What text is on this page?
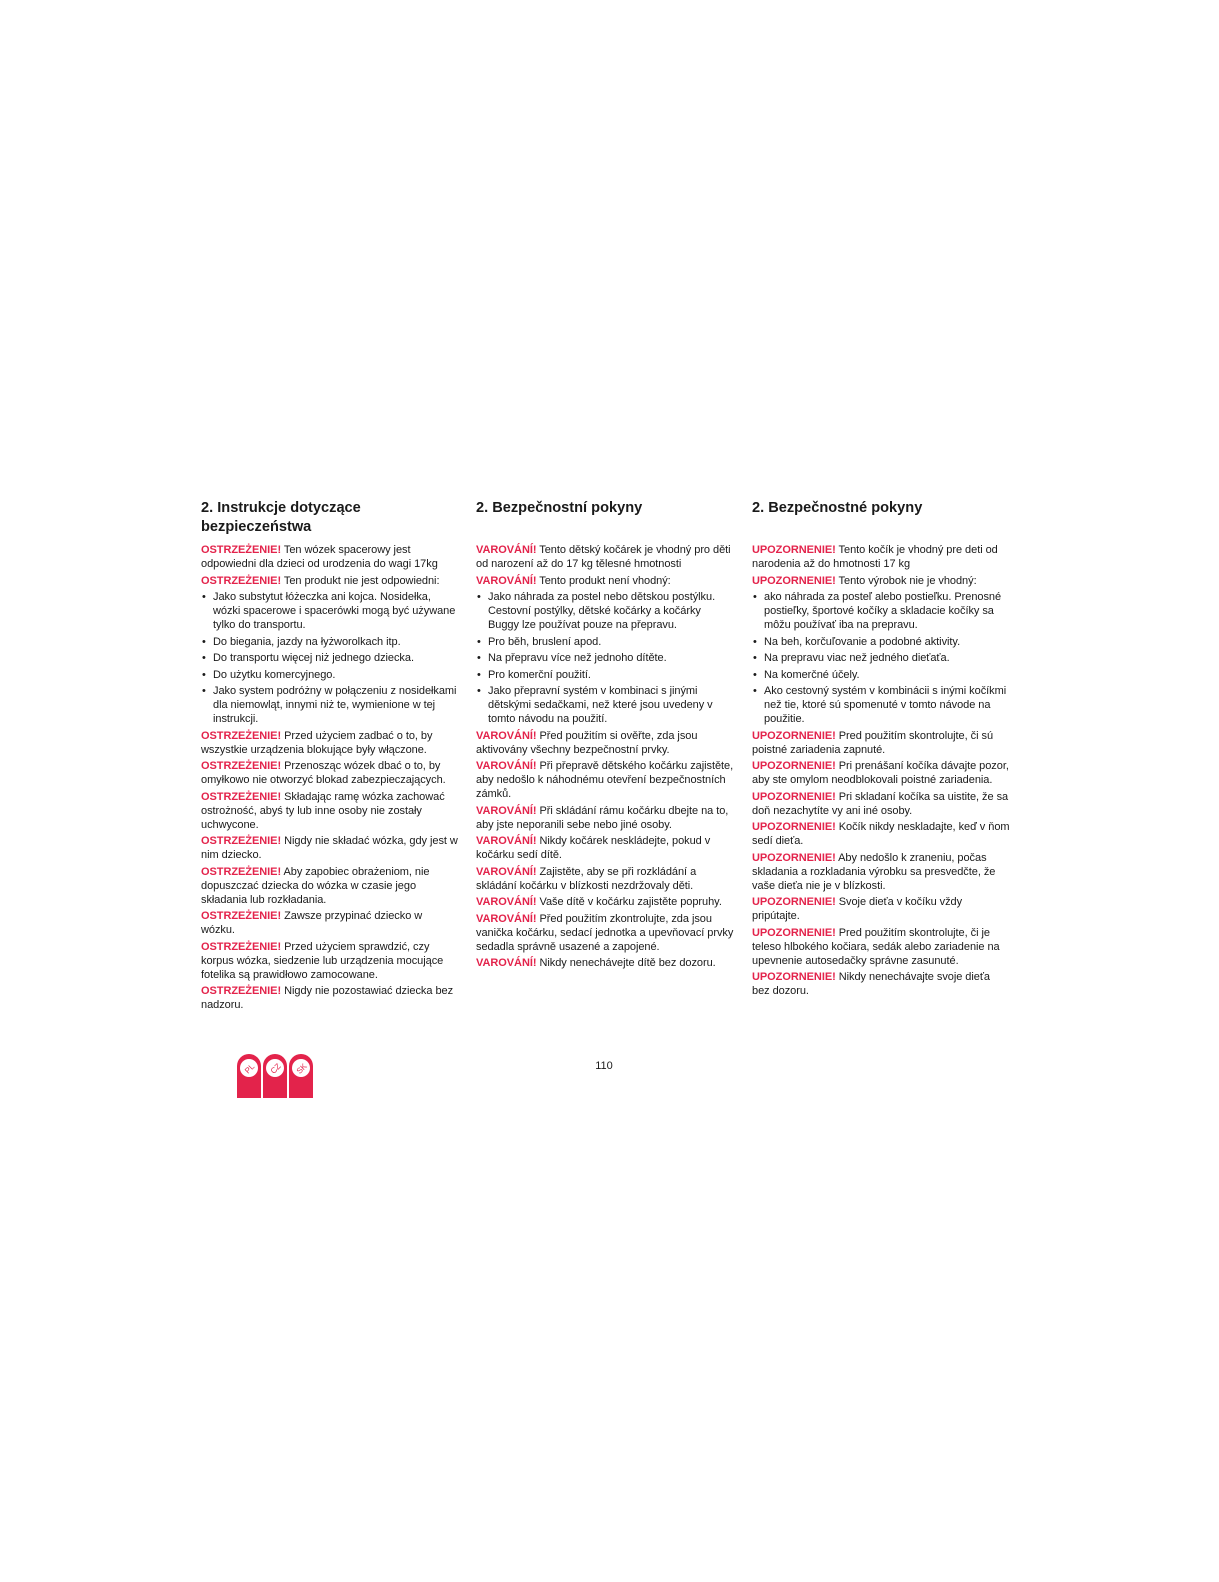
2. Instrukcje dotyczące bezpieczeństwa

OSTRZEŻENIE! Ten wózek spacerowy jest odpowiedni dla dzieci od urodzenia do wagi 17kg

OSTRZEŻENIE! Ten produkt nie jest odpowiedni:

• Jako substytut łóżeczka ani kojca. Nosidełka, wózki spacerowe i spacerówki mogą być używane tylko do transportu.
• Do biegania, jazdy na łyżworolkach itp.
• Do transportu więcej niż jednego dziecka.
• Do użytku komercyjnego.
• Jako system podróżny w połączeniu z nosidełkami dla niemowląt, innymi niż te, wymienione w tej instrukcji.

OSTRZEŻENIE! Przed użyciem zadbać o to, by wszystkie urządzenia blokujące były włączone.

OSTRZEŻENIE! Przenosząc wózek dbać o to, by omyłkowo nie otworzyć blokad zabezpieczających.

OSTRZEŻENIE! Składając ramę wózka zachować ostrożność, abyś ty lub inne osoby nie zostały uchwycone.

OSTRZEŻENIE! Nigdy nie składać wózka, gdy jest w nim dziecko.

OSTRZEŻENIE! Aby zapobiec obrażeniom, nie dopuszczać dziecka do wózka w czasie jego składania lub rozkładania.

OSTRZEŻENIE! Zawsze przypinać dziecko w wózku.

OSTRZEŻENIE! Przed użyciem sprawdzić, czy korpus wózka, siedzenie lub urządzenia mocujące fotelika są prawidłowo zamocowane.

OSTRZEŻENIE! Nigdy nie pozostawiać dziecka bez nadzoru.

2. Bezpečnostní pokyny

VAROVÁNÍ! Tento dětský kočárek je vhodný pro děti od narození až do 17 kg tělesné hmotnosti

VAROVÁNÍ! Tento produkt není vhodný:

• Jako náhrada za postel nebo dětskou postýlku. Cestovní postýlky, dětské kočárky a kočárky Buggy lze používat pouze na přepravu.
• Pro běh, bruslení apod.
• Na přepravu více než jednoho dítěte.
• Pro komerční použití.
• Jako přepravní systém v kombinaci s jinými dětskými sedačkami, než které jsou uvedeny v tomto návodu na použití.

VAROVÁNÍ! Před použitím si ověřte, zda jsou aktivovány všechny bezpečnostní prvky.

VAROVÁNÍ! Při přepravě dětského kočárku zajistěte, aby nedošlo k náhodnému otevření bezpečnostních zámků.

VAROVÁNÍ! Při skládání rámu kočárku dbejte na to, aby jste neporanili sebe nebo jiné osoby.

VAROVÁNÍ! Nikdy kočárek neskládejte, pokud v kočárku sedí dítě.

VAROVÁNÍ! Zajistěte, aby se při rozkládání a skládání kočárku v blízkosti nezdržovaly děti.

VAROVÁNÍ! Vaše dítě v kočárku zajistěte popruhy.

VAROVÁNÍ! Před použitím zkontrolujte, zda jsou vanička kočárku, sedací jednotka a upevňovací prvky sedadla správně usazené a zapojené.

VAROVÁNÍ! Nikdy nenechávejte dítě bez dozoru.

2. Bezpečnostné pokyny

UPOZORNENIE! Tento kočík je vhodný pre deti od narodenia až do hmotnosti 17 kg

UPOZORNENIE! Tento výrobok nie je vhodný:

• ako náhrada za posteľ alebo postieľku. Prenosné postieľky, športové kočíky a skladacie kočíky sa môžu používať iba na prepravu.
• Na beh, korčuľovanie a podobné aktivity.
• Na prepravu viac než jedného dieťaťa.
• Na komerčné účely.
• Ako cestovný systém v kombinácii s inými kočíkmi než tie, ktoré sú spomenuté v tomto návode na použitie.

UPOZORNENIE! Pred použitím skontrolujte, či sú poistné zariadenia zapnuté.

UPOZORNENIE! Pri prenášaní kočíka dávajte pozor, aby ste omylom neodblokovali poistné zariadenia.

UPOZORNENIE! Pri skladaní kočíka sa uistite, že sa doň nezachytíte vy ani iné osoby.

UPOZORNENIE! Kočík nikdy neskladajte, keď v ňom sedí dieťa.

UPOZORNENIE! Aby nedošlo k zraneniu, počas skladania a rozkladania výrobku sa presvedčte, že vaše dieťa nie je v blízkosti.

UPOZORNENIE! Svoje dieťa v kočíku vždy pripútajte.

UPOZORNENIE! Pred použitím skontrolujte, či je teleso hlbokého kočiara, sedák alebo zariadenie na upevnenie autosedačky správne zasunuté.

UPOZORNENIE! Nikdy nenechávajte svoje dieťa bez dozoru.

110
PL CZ SK
